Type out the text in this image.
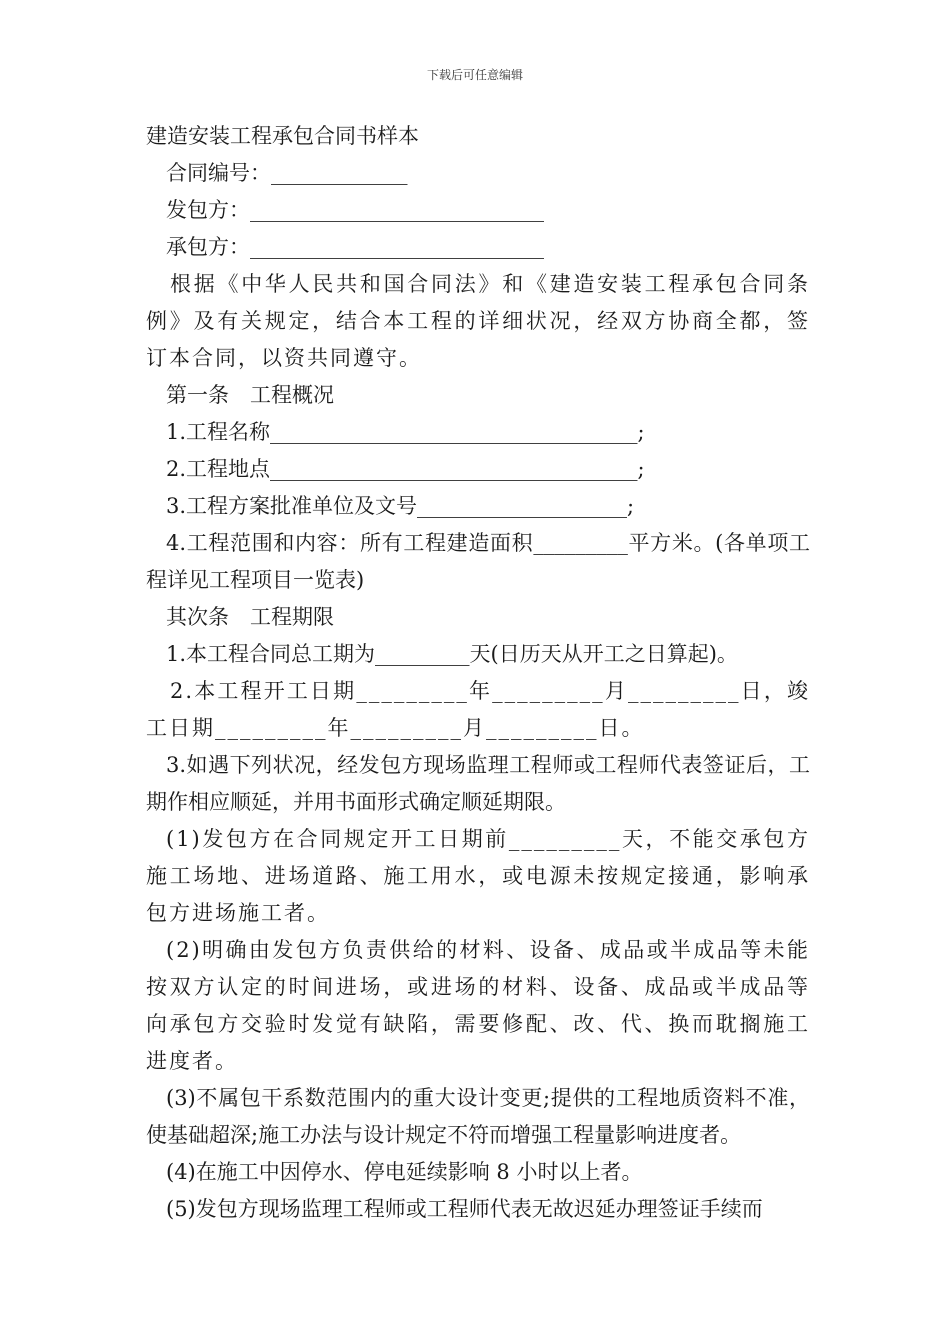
下载后可任意编辑
建造安装工程承包合同书样本
合同编号：_____________
发包方：____________________________
承包方：____________________________
根据《中华人民共和国合同法》和《建造安装工程承包合同条例》及有关规定，结合本工程的详细状况，经双方协商全都，签订本合同，以资共同遵守。
第一条　工程概况
1.工程名称___________________________________;
2.工程地点___________________________________;
3.工程方案批准单位及文号____________________;
4.工程范围和内容：所有工程建造面积_________平方米。(各单项工程详见工程项目一览表)
其次条　工程期限
1.本工程合同总工期为_________天(日历天从开工之日算起)。
2.本工程开工日期_________年_________月_________日，竣工日期_________年_________月_________日。
3.如遇下列状况，经发包方现场监理工程师或工程师代表签证后，工期作相应顺延，并用书面形式确定顺延期限。
(1)发包方在合同规定开工日期前_________天，不能交承包方施工场地、进场道路、施工用水，或电源未按规定接通，影响承包方进场施工者。
(2)明确由发包方负责供给的材料、设备、成品或半成品等未能按双方认定的时间进场，或进场的材料、设备、成品或半成品等向承包方交验时发觉有缺陷，需要修配、改、代、换而耽搁施工进度者。
(3)不属包干系数范围内的重大设计变更;提供的工程地质资料不准，使基础超深;施工办法与设计规定不符而增强工程量影响进度者。
(4)在施工中因停水、停电延续影响 8 小时以上者。
(5)发包方现场监理工程师或工程师代表无故迟延办理签证手续而
